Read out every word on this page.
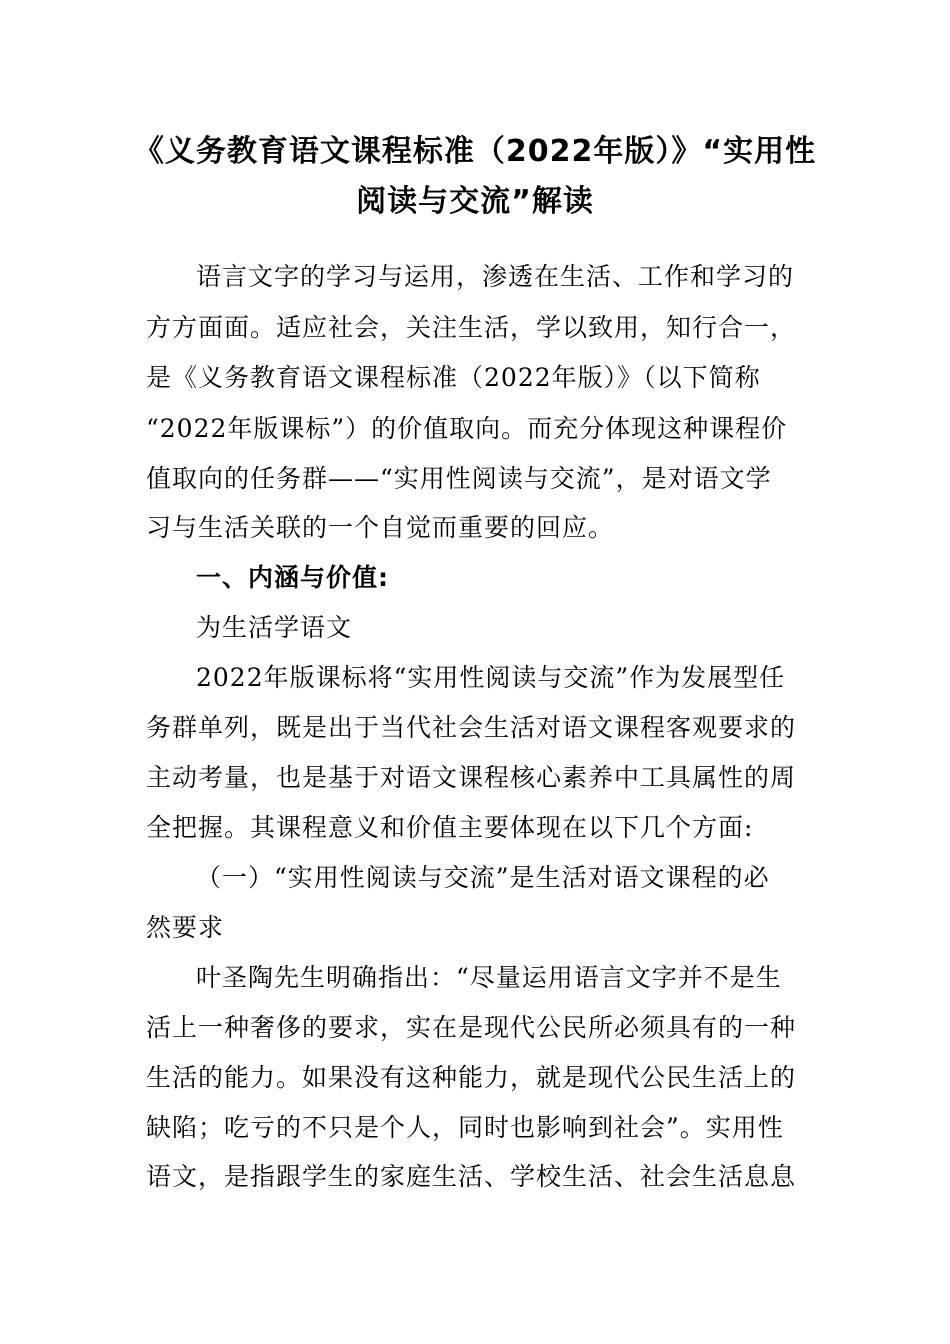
《义务教育语文课程标准（2022年版）》“实用性
阅读与交流”解读
语言文字的学习与运用，渗透在生活、工作和学习的
方方面面。适应社会，关注生活，学以致用，知行合一，
是《义务教育语文课程标准（2022年版）》（以下简称
“2022年版课标”）的价值取向。而充分体现这种课程价
值取向的任务群——“实用性阅读与交流”，是对语文学
习与生活关联的一个自觉而重要的回应。
一、内涵与价值:
为生活学语文
2022年版课标将“实用性阅读与交流”作为发展型任
务群单列，既是出于当代社会生活对语文课程客观要求的
主动考量，也是基于对语文课程核心素养中工具属性的周
全把握。其课程意义和价值主要体现在以下几个方面:
（一）“实用性阅读与交流”是生活对语文课程的必
然要求
叶圣陶先生明确指出：“尽量运用语言文字并不是生
活上一种奢侈的要求，实在是现代公民所必须具有的一种
生活的能力。如果没有这种能力，就是现代公民生活上的
缺陷；吃亏的不只是个人，同时也影响到社会”。实用性
语文，是指跟学生的家庭生活、学校生活、社会生活息息
